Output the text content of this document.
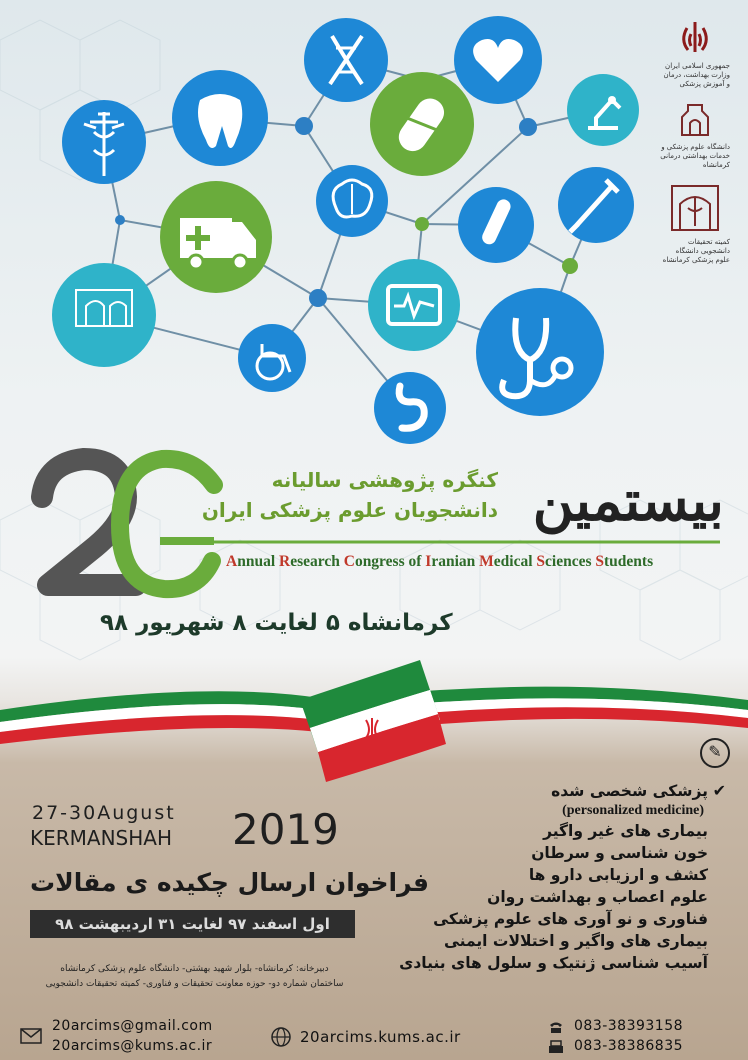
جمهوری اسلامی ایران وزارت بهداشت، درمان و آموزش پزشکی
دانشگاه علوم پزشکی و خدمات بهداشتی درمانی کرمانشاه
کمیته تحقیقات دانشجویی دانشگاه علوم پزشکی کرمانشاه
بیستمین
کنگره پژوهشی سالیانه
دانشجویان علوم پزشکی ایران
Annual Research Congress of Iranian Medical Sciences Students
کرمانشاه ۵ لغایت ۸ شهریور ۹۸
✎
27-30August 2019
KERMANSHAH
فراخوان ارسال چکیده ی مقالات
اول اسفند ۹۷ لغایت ۳۱ اردیبهشت ۹۸
دبیرخانه: کرمانشاه- بلوار شهید بهشتی- دانشگاه علوم پزشکی کرمانشاه
ساختمان شماره دو- حوزه معاونت تحقیقات و فناوری- کمیته تحقیقات دانشجویی
✔پزشکی شخصی شده
(personalized medicine)
بیماری های غیر واگیر
خون شناسی و سرطان
کشف و ارزیابی دارو ها
علوم اعصاب و بهداشت روان
فناوری و نو آوری های علوم پزشکی
بیماری های واگیر و اختلالات ایمنی
آسیب شناسی ژنتیک و سلول های بنیادی
20arcims@gmail.com
20arcims@kums.ac.ir	20arcims.kums.ac.ir
083-38393158
083-38386835
